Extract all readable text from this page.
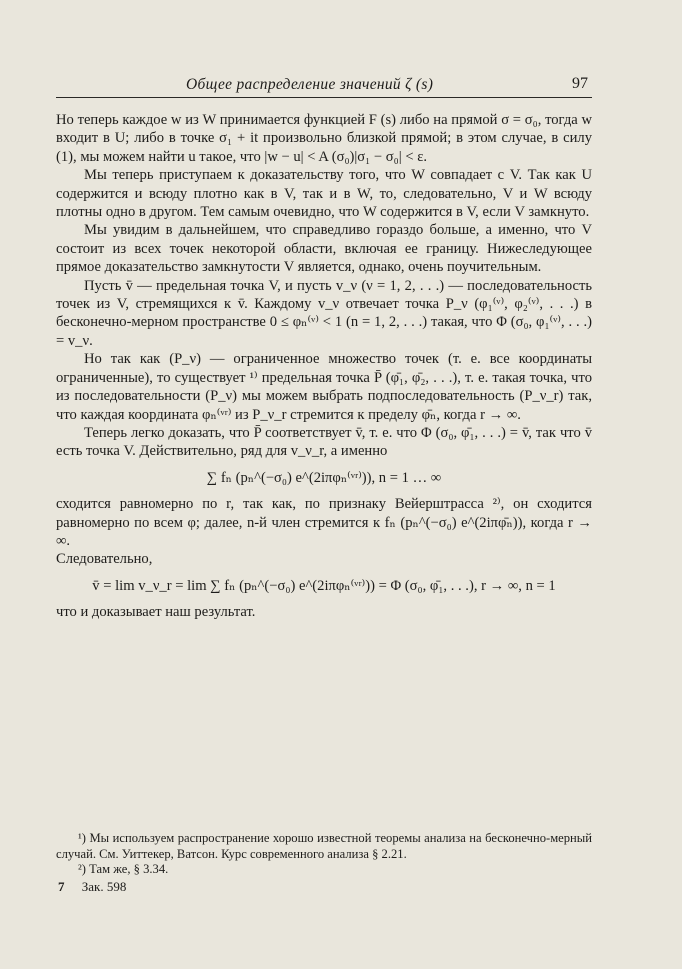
Общее распределение значений ζ (s)	97

Но теперь каждое w из W принимается функцией F (s) либо на прямой σ = σ₀, тогда w входит в U; либо в точке σ₁ + it произвольно близкой прямой; в этом случае, в силу (1), мы можем найти u такое, что |w − u| < A (σ₀)|σ₁ − σ₀| < ε.

Мы теперь приступаем к доказательству того, что W совпадает с V. Так как U содержится и всюду плотно как в V, так и в W, то, следовательно, V и W всюду плотны одно в другом. Тем самым очевидно, что W содержится в V, если V замкнуто.

Мы увидим в дальнейшем, что справедливо гораздо больше, а именно, что V состоит из всех точек некоторой области, включая ее границу. Нижеследующее прямое доказательство замкнутости V является, однако, очень поучительным.

Пусть v̄ — предельная точка V, и пусть v_ν (ν = 1, 2, . . .) — последовательность точек из V, стремящихся к v̄. Каждому v_ν отвечает точка P_ν (φ₁⁽ᵛ⁾, φ₂⁽ᵛ⁾, . . .) в бесконечно-мерном пространстве 0 ≤ φₙ⁽ᵛ⁾ < 1 (n = 1, 2, . . .) такая, что Φ (σ₀, φ₁⁽ᵛ⁾, . . .) = v_ν.

Но так как (P_ν) — ограниченное множество точек (т. е. все координаты ограниченные), то существует ¹⁾ предельная точка P̄ (φ̄₁, φ̄₂, . . .), т. е. такая точка, что из последовательности (P_ν) мы можем выбрать подпоследовательность (P_ν_r) так, что каждая координата φₙ⁽ᵛʳ⁾ из P_ν_r стремится к пределу φ̄ₙ, когда r → ∞.

Теперь легко доказать, что P̄ соответствует v̄, т. е. что Φ (σ₀, φ̄₁, . . .) = v̄, так что v̄ есть точка V. Действительно, ряд для v_ν_r, а именно

∑ fₙ (pₙ^(−σ₀) e^(2iπφₙ⁽ᵛʳ⁾)), n = 1 … ∞

сходится равномерно по r, так как, по признаку Вейерштрасса ²⁾, он сходится равномерно по всем φ; далее, n-й член стремится к fₙ (pₙ^(−σ₀) e^(2iπφ̄ₙ)), когда r → ∞.

Следовательно,

v̄ = lim v_ν_r = lim ∑ fₙ (pₙ^(−σ₀) e^(2iπφₙ⁽ᵛʳ⁾)) = Φ (σ₀, φ̄₁, . . .), r → ∞, n = 1

что и доказывает наш результат.

¹) Мы используем распространение хорошо известной теоремы анализа на бесконечно-мерный случай. См. Уиттекер, Ватсон. Курс современного анализа § 2.21.

²) Там же, § 3.34.

7 Зак. 598
